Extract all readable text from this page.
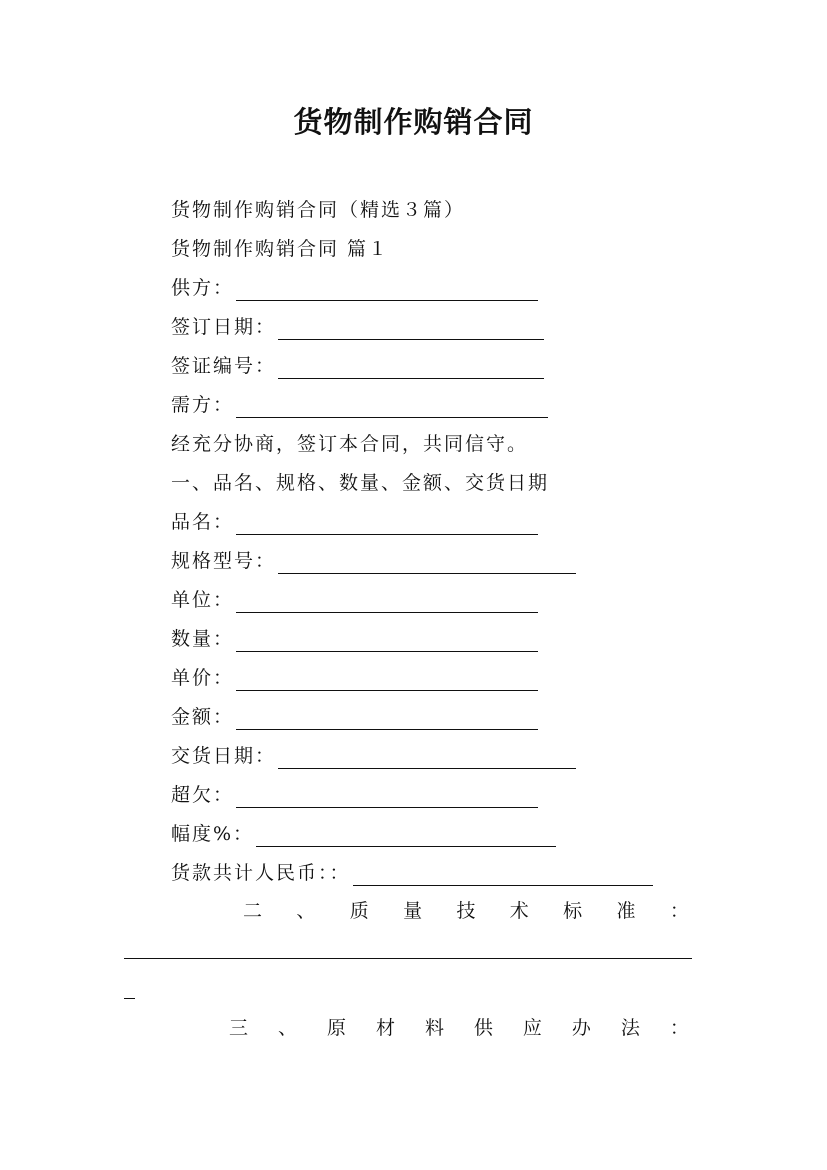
货物制作购销合同
货物制作购销合同（精选３篇）
货物制作购销合同 篇１
供方：
签订日期：
签证编号：
需方：
经充分协商，签订本合同，共同信守。
一、品名、规格、数量、金额、交货日期
品名：
规格型号：
单位：
数量：
单价：
金额：
交货日期：
超欠：
幅度%：
货款共计人民币：：
二 、 质 量 技 术 标 准 ：
三 、 原 材 料 供 应 办 法 ：
